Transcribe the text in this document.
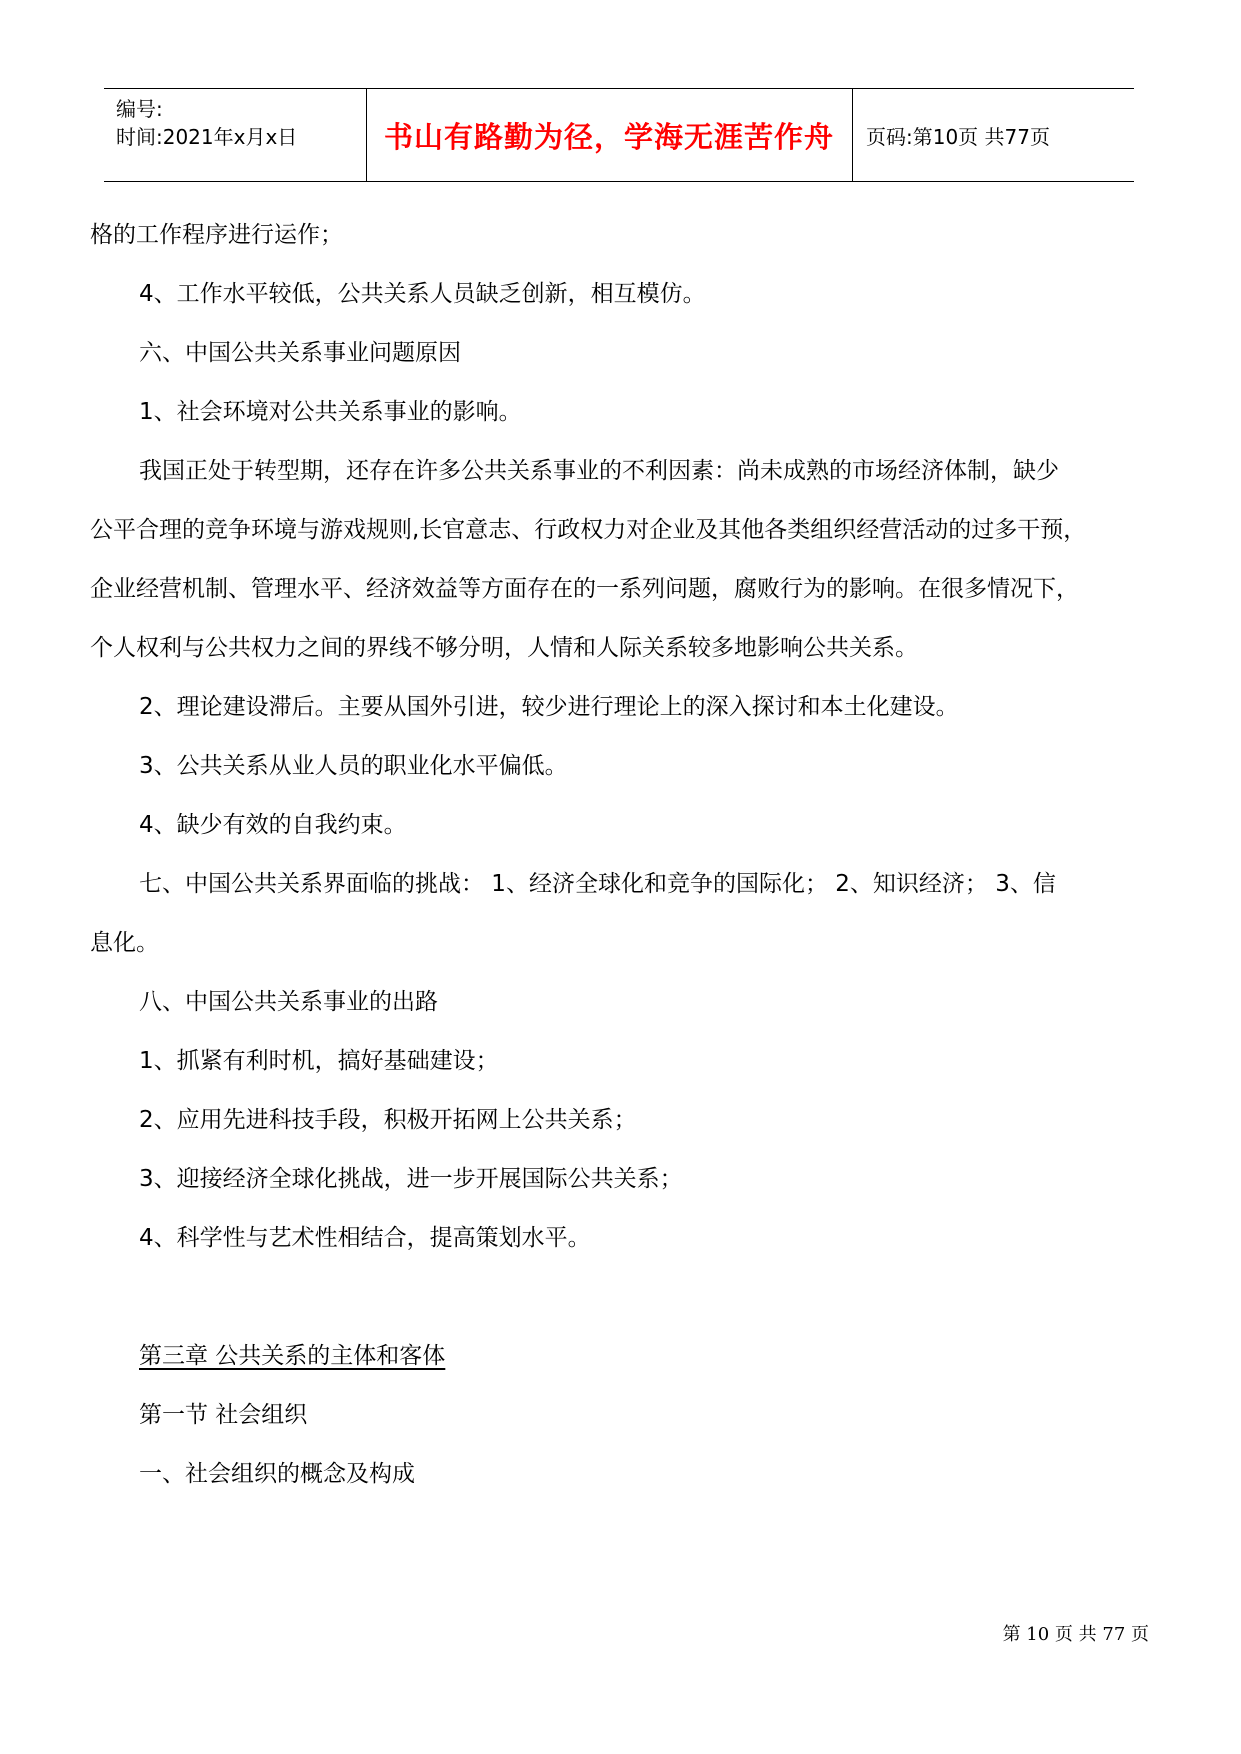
编号:
时间:2021年x月x日	书山有路勤为径，学海无涯苦作舟	页码:第10页 共77页
格的工作程序进行运作；
4、工作水平较低，公共关系人员缺乏创新，相互模仿。
六、中国公共关系事业问题原因
1、社会环境对公共关系事业的影响。
我国正处于转型期，还存在许多公共关系事业的不利因素：尚未成熟的市场经济体制，缺少
公平合理的竞争环境与游戏规则,长官意志、行政权力对企业及其他各类组织经营活动的过多干预，
企业经营机制、管理水平、经济效益等方面存在的一系列问题，腐败行为的影响。在很多情况下，
个人权利与公共权力之间的界线不够分明，人情和人际关系较多地影响公共关系。
2、理论建设滞后。主要从国外引进，较少进行理论上的深入探讨和本土化建设。
3、公共关系从业人员的职业化水平偏低。
4、缺少有效的自我约束。
七、中国公共关系界面临的挑战： 1、经济全球化和竞争的国际化； 2、知识经济； 3、信
息化。
八、中国公共关系事业的出路
1、抓紧有利时机，搞好基础建设；
2、应用先进科技手段，积极开拓网上公共关系；
3、迎接经济全球化挑战，进一步开展国际公共关系；
4、科学性与艺术性相结合，提高策划水平。
第三章 公共关系的主体和客体
第一节 社会组织
一、社会组织的概念及构成
第 10 页 共 77 页
